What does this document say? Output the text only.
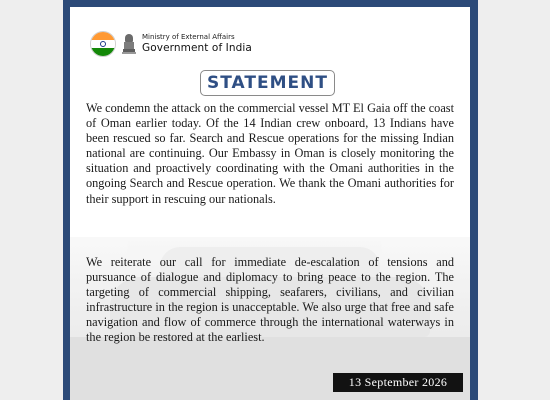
Ministry of External Affairs
Government of India
STATEMENT

We condemn the attack on the commercial vessel MT El Gaia off the coast of Oman earlier today. Of the 14 Indian crew onboard, 13 Indians have been rescued so far. Search and Rescue operations for the missing Indian national are continuing. Our Embassy in Oman is closely monitoring the situation and proactively coordinating with the Omani authorities in the ongoing Search and Rescue operation. We thank the Omani authorities for their support in rescuing our nationals.

We reiterate our call for immediate de-escalation of tensions and pursuance of dialogue and diplomacy to bring peace to the region. The targeting of commercial shipping, seafarers, civilians, and civilian infrastructure in the region is unacceptable. We also urge that free and safe navigation and flow of commerce through the international waterways in the region be restored at the earliest.

13 September 2026
